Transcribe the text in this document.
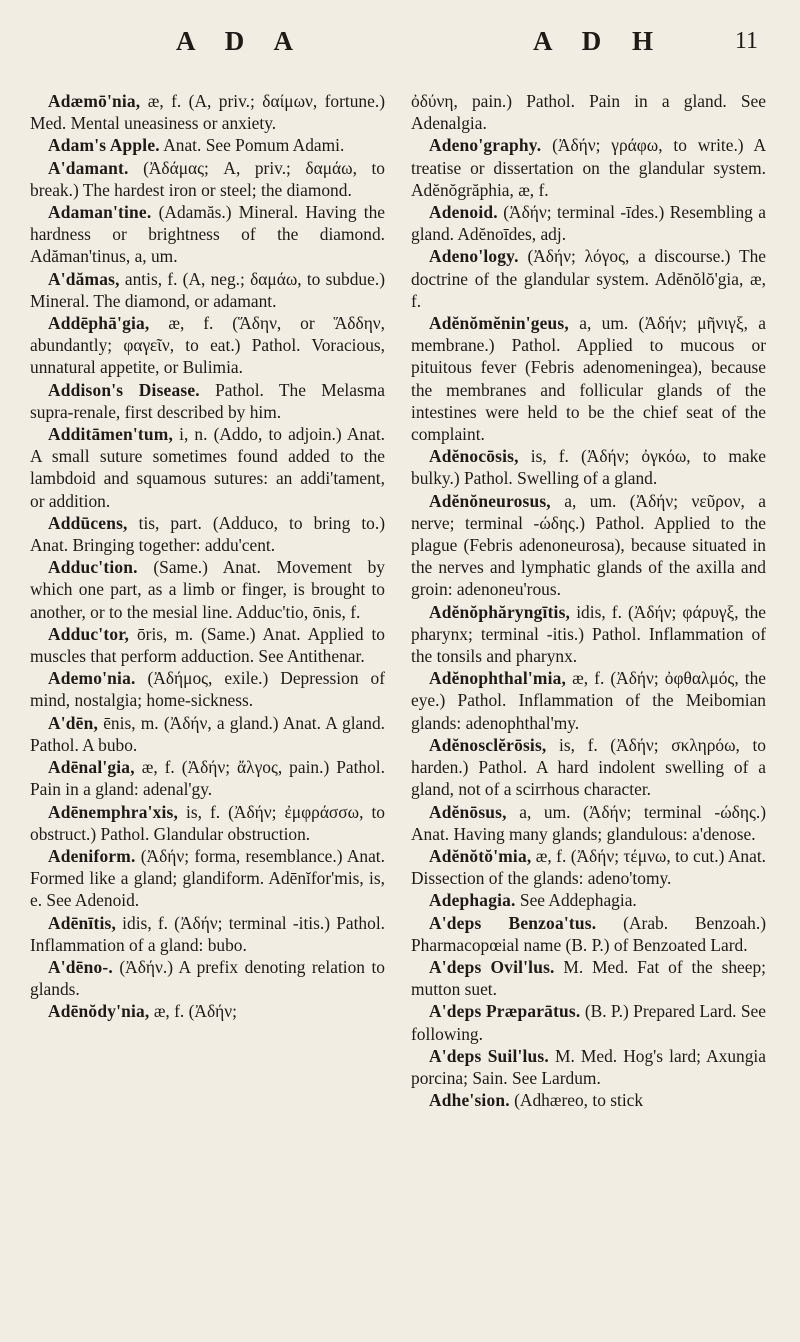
A D A	A D H	11

Adæmō'nia, æ, f. (A, priv.; δαίμων, fortune.) Med. Mental uneasiness or anxiety.

Adam's Apple. Anat. See Pomum Adami.

A'damant. (Ἀδάμας; A, priv.; δαμάω, to break.) The hardest iron or steel; the diamond.

Adaman'tine. (Adamăs.) Mineral. Having the hardness or brightness of the diamond. Adăman'tinus, a, um.

A'dămas, antis, f. (A, neg.; δαμάω, to subdue.) Mineral. The diamond, or adamant.

Addēphā'gia, æ, f. (Ἅδην, or Ἅδδην, abundantly; φαγεῖν, to eat.) Pathol. Voracious, unnatural appetite, or Bulimia.

Addison's Disease. Pathol. The Melasma supra-renale, first described by him.

Additāmen'tum, i, n. (Addo, to adjoin.) Anat. A small suture sometimes found added to the lambdoid and squamous sutures: an addi'tament, or addition.

Addūcens, tis, part. (Adduco, to bring to.) Anat. Bringing together: addu'cent.

Adduc'tion. (Same.) Anat. Movement by which one part, as a limb or finger, is brought to another, or to the mesial line. Adduc'tio, ōnis, f.

Adduc'tor, ōris, m. (Same.) Anat. Applied to muscles that perform adduction. See Antithenar.

Ademo'nia. (Ἀδήμος, exile.) Depression of mind, nostalgia; home-sickness.

A'dēn, ēnis, m. (Ἀδήν, a gland.) Anat. A gland. Pathol. A bubo.

Adēnal'gia, æ, f. (Ἀδήν; ἄλγος, pain.) Pathol. Pain in a gland: adenal'gy.

Adēnemphra'xis, is, f. (Ἀδήν; ἐμφράσσω, to obstruct.) Pathol. Glandular obstruction.

Adeniform. (Ἀδήν; forma, resemblance.) Anat. Formed like a gland; glandiform. Adēnĭfor'mis, is, e. See Adenoid.

Adēnītis, idis, f. (Ἀδήν; terminal -itis.) Pathol. Inflammation of a gland: bubo.

A'dēno-. (Ἀδήν.) A prefix denoting relation to glands.

Adēnŏdy'nia, æ, f. (Ἀδήν;

ὀδύνη, pain.) Pathol. Pain in a gland. See Adenalgia.

Adeno'graphy. (Ἀδήν; γράφω, to write.) A treatise or dissertation on the glandular system. Adĕnŏgrăphia, æ, f.

Adenoid. (Ἀδήν; terminal -īdes.) Resembling a gland. Adĕnoīdes, adj.

Adeno'logy. (Ἀδήν; λόγος, a discourse.) The doctrine of the glandular system. Adĕnŏlŏ'gia, æ, f.

Adĕnŏmĕnin'geus, a, um. (Ἀδήν; μῆνιγξ, a membrane.) Pathol. Applied to mucous or pituitous fever (Febris adenomeningea), because the membranes and follicular glands of the intestines were held to be the chief seat of the complaint.

Adĕnocōsis, is, f. (Ἀδήν; ὀγκόω, to make bulky.) Pathol. Swelling of a gland.

Adĕnŏneurosus, a, um. (Ἀδήν; νεῦρον, a nerve; terminal -ώδης.) Pathol. Applied to the plague (Febris adenoneurosa), because situated in the nerves and lymphatic glands of the axilla and groin: adenoneu'rous.

Adĕnŏphăryngītis, idis, f. (Ἀδήν; φάρυγξ, the pharynx; terminal -itis.) Pathol. Inflammation of the tonsils and pharynx.

Adĕnophthal'mia, æ, f. (Ἀδήν; ὀφθαλμός, the eye.) Pathol. Inflammation of the Meibomian glands: adenophthal'my.

Adĕnosclĕrōsis, is, f. (Ἀδήν; σκληρόω, to harden.) Pathol. A hard indolent swelling of a gland, not of a scirrhous character.

Adĕnōsus, a, um. (Ἀδήν; terminal -ώδης.) Anat. Having many glands; glandulous: a'denose.

Adĕnŏtŏ'mia, æ, f. (Ἀδήν; τέμνω, to cut.) Anat. Dissection of the glands: adeno'tomy.

Adephagia. See Addephagia.

A'deps Benzoa'tus. (Arab. Benzoah.) Pharmacopœial name (B. P.) of Benzoated Lard.

A'deps Ovil'lus. M. Med. Fat of the sheep; mutton suet.

A'deps Præparātus. (B. P.) Prepared Lard. See following.

A'deps Suil'lus. M. Med. Hog's lard; Axungia porcina; Sain. See Lardum.

Adhe'sion. (Adhæreo, to stick
